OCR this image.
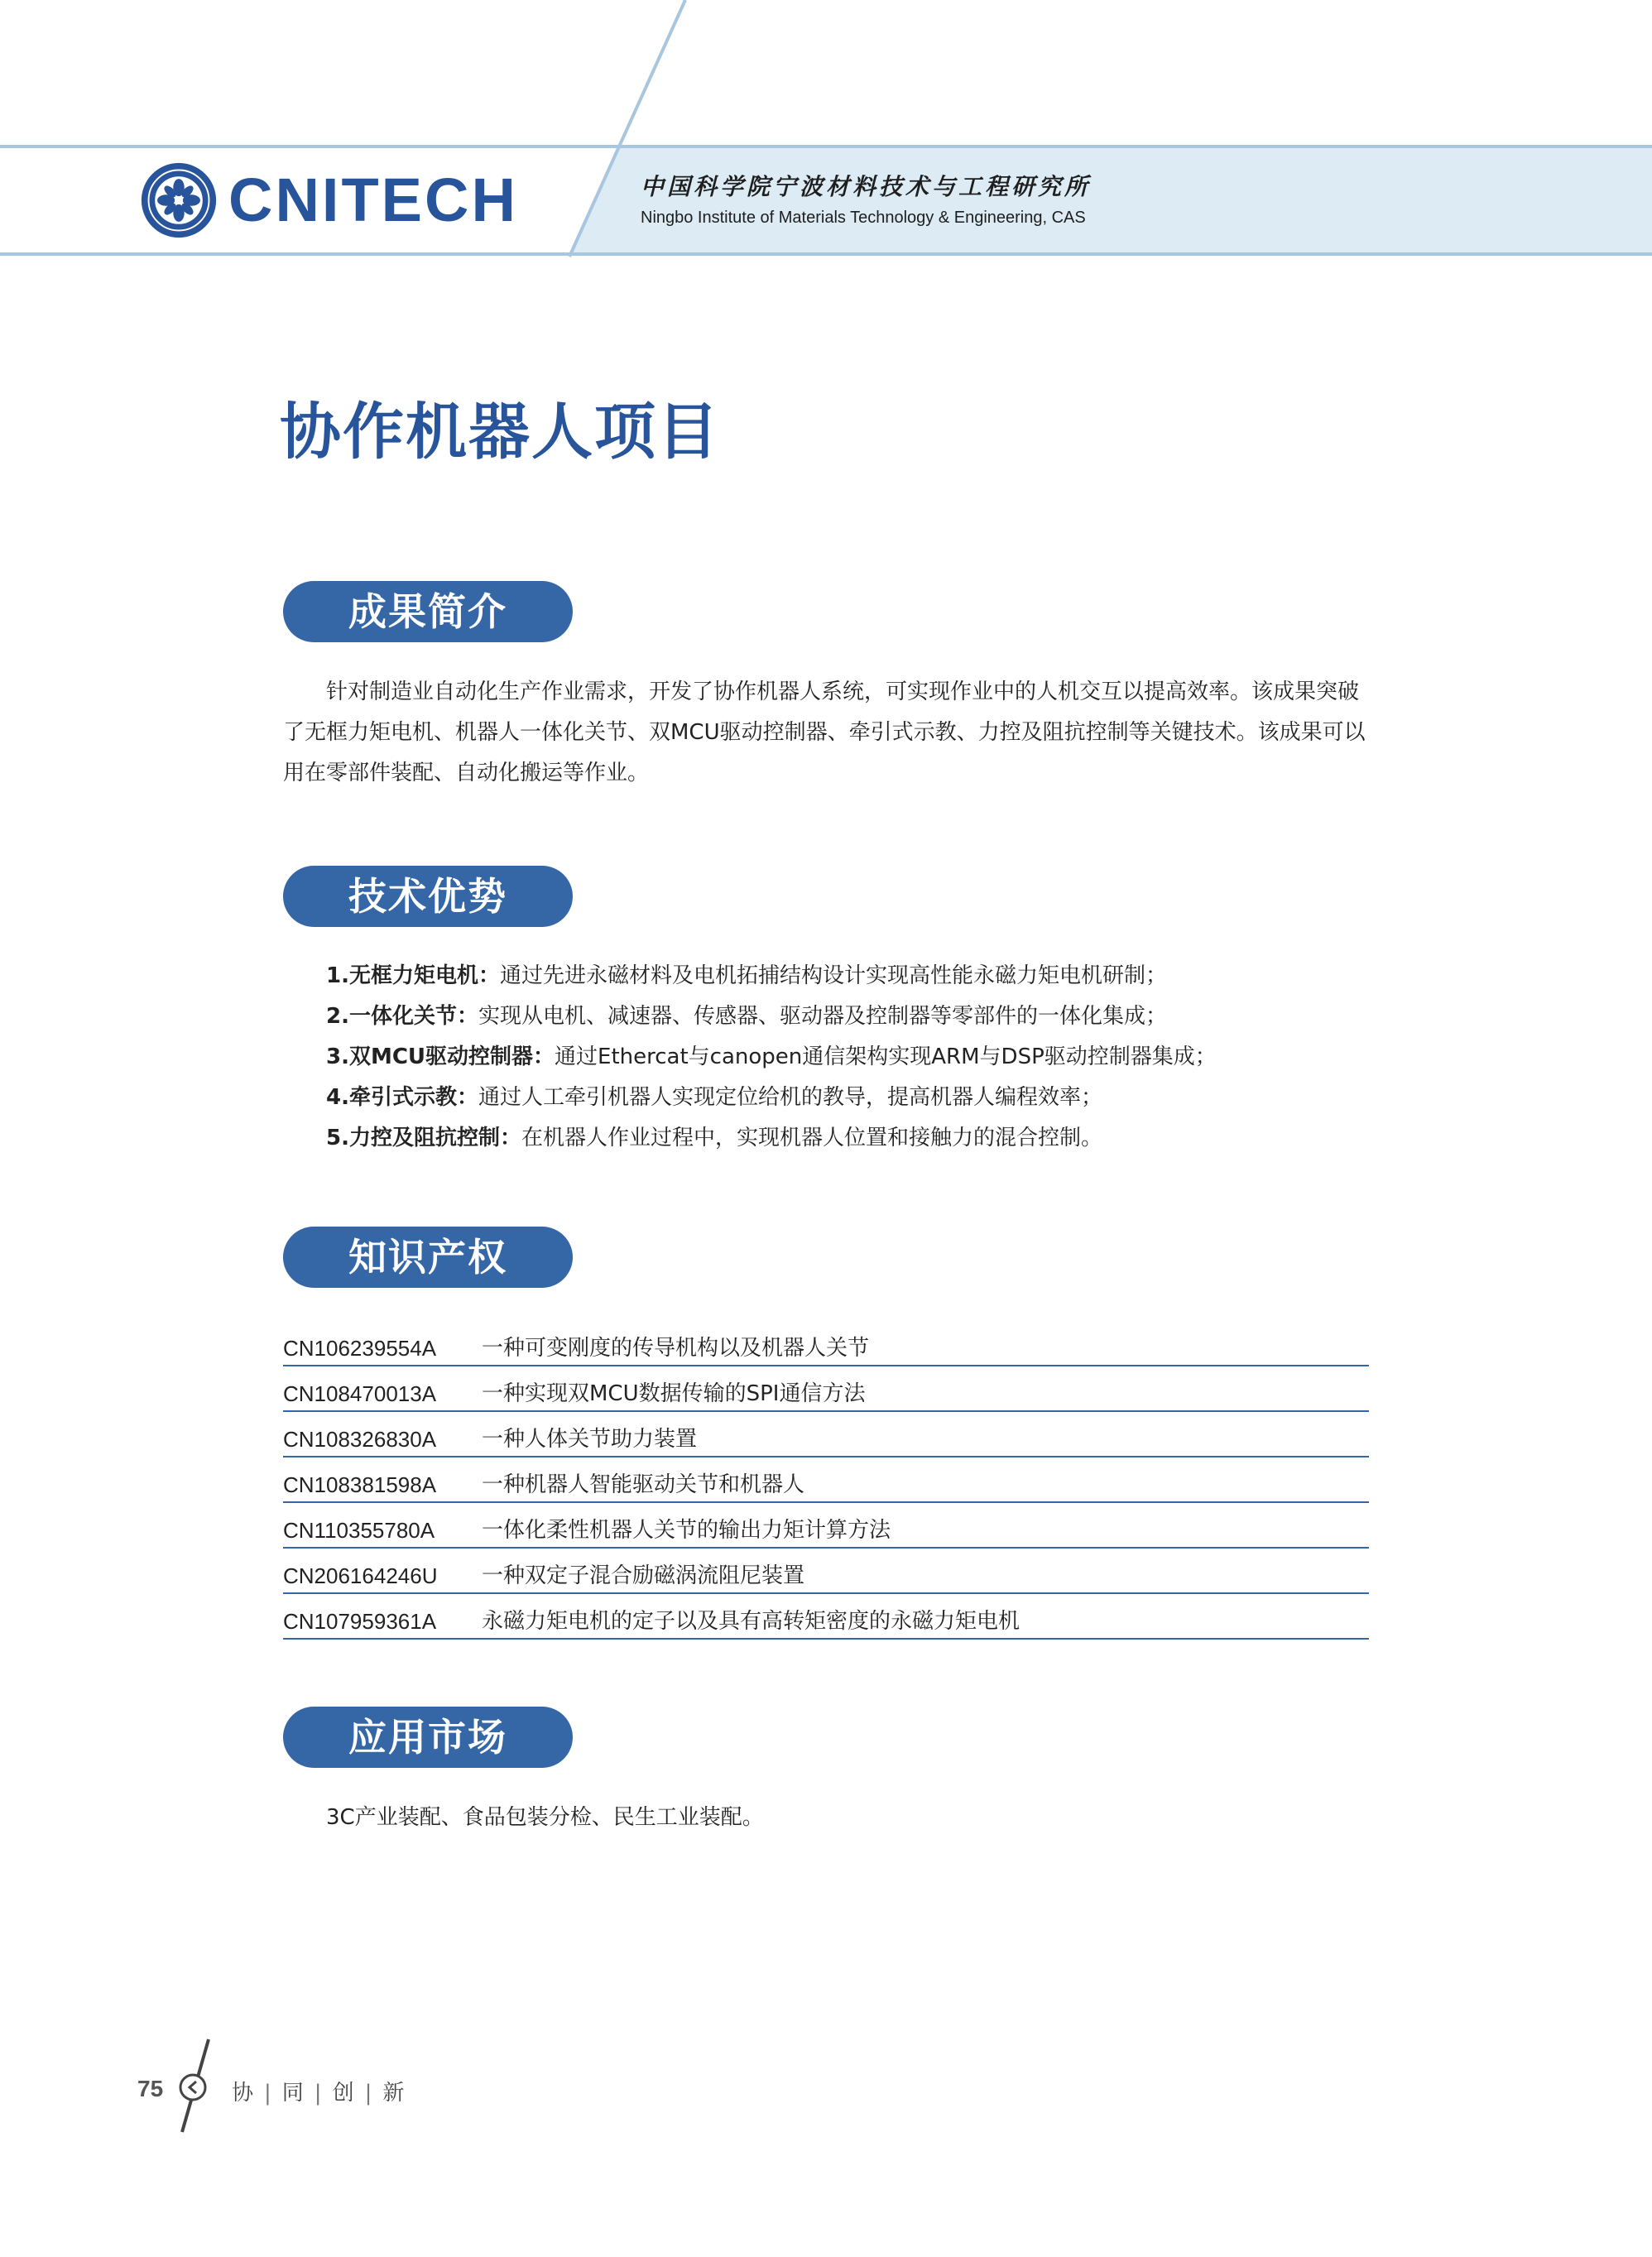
CNITECH	中国科学院宁波材料技术与工程研究所
Ningbo Institute of Materials Technology & Engineering, CAS
协作机器人项目
成果简介

针对制造业自动化生产作业需求，开发了协作机器人系统，可实现作业中的人机交互以提高效率。该成果突破了无框力矩电机、机器人一体化关节、双MCU驱动控制器、牵引式示教、力控及阻抗控制等关键技术。该成果可以用在零部件装配、自动化搬运等作业。

技术优势
1.无框力矩电机：通过先进永磁材料及电机拓捕结构设计实现高性能永磁力矩电机研制；
2.一体化关节：实现从电机、减速器、传感器、驱动器及控制器等零部件的一体化集成；
3.双MCU驱动控制器：通过Ethercat与canopen通信架构实现ARM与DSP驱动控制器集成；
4.牵引式示教：通过人工牵引机器人实现定位给机的教导，提高机器人编程效率；
5.力控及阻抗控制：在机器人作业过程中，实现机器人位置和接触力的混合控制。
知识产权
CN106239554A	一种可变刚度的传导机构以及机器人关节
CN108470013A	一种实现双MCU数据传输的SPI通信方法
CN108326830A	一种人体关节助力装置
CN108381598A	一种机器人智能驱动关节和机器人
CN110355780A	一体化柔性机器人关节的输出力矩计算方法
CN206164246U	一种双定子混合励磁涡流阻尼装置
CN107959361A	永磁力矩电机的定子以及具有高转矩密度的永磁力矩电机
应用市场
3C产业装配、食品包装分检、民生工业装配。
75	协 | 同 | 创 | 新
